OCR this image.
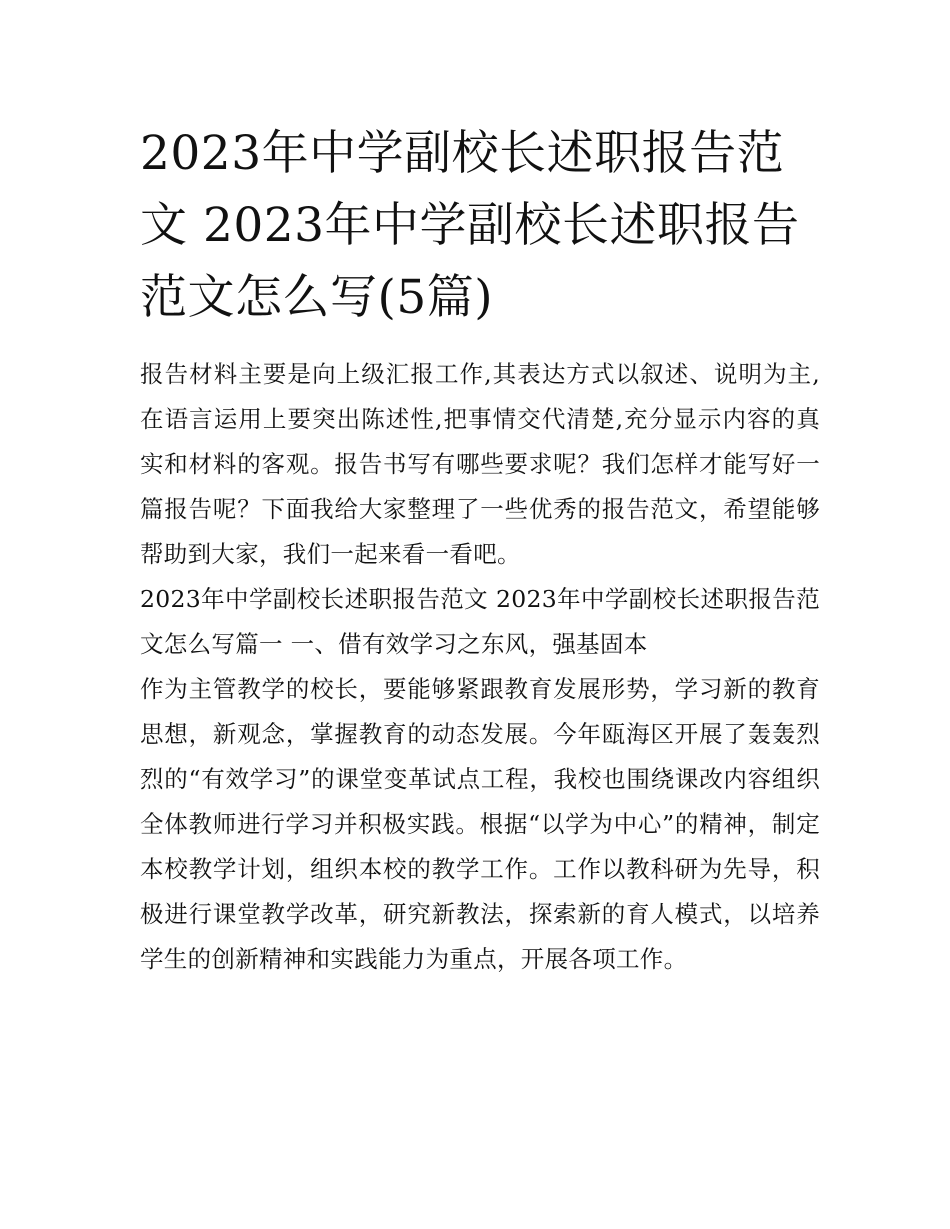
2023年中学副校长述职报告范文 2023年中学副校长述职报告范文怎么写(5篇)

报告材料主要是向上级汇报工作,其表达方式以叙述、说明为主,在语言运用上要突出陈述性,把事情交代清楚,充分显示内容的真实和材料的客观。报告书写有哪些要求呢？我们怎样才能写好一篇报告呢？下面我给大家整理了一些优秀的报告范文，希望能够帮助到大家，我们一起来看一看吧。

2023年中学副校长述职报告范文 2023年中学副校长述职报告范文怎么写篇一 一、借有效学习之东风，强基固本

作为主管教学的校长，要能够紧跟教育发展形势，学习新的教育思想，新观念，掌握教育的动态发展。今年瓯海区开展了轰轰烈烈的“有效学习”的课堂变革试点工程，我校也围绕课改内容组织全体教师进行学习并积极实践。根据“以学为中心”的精神，制定本校教学计划，组织本校的教学工作。工作以教科研为先导，积极进行课堂教学改革，研究新教法，探索新的育人模式，以培养学生的创新精神和实践能力为重点，开展各项工作。
